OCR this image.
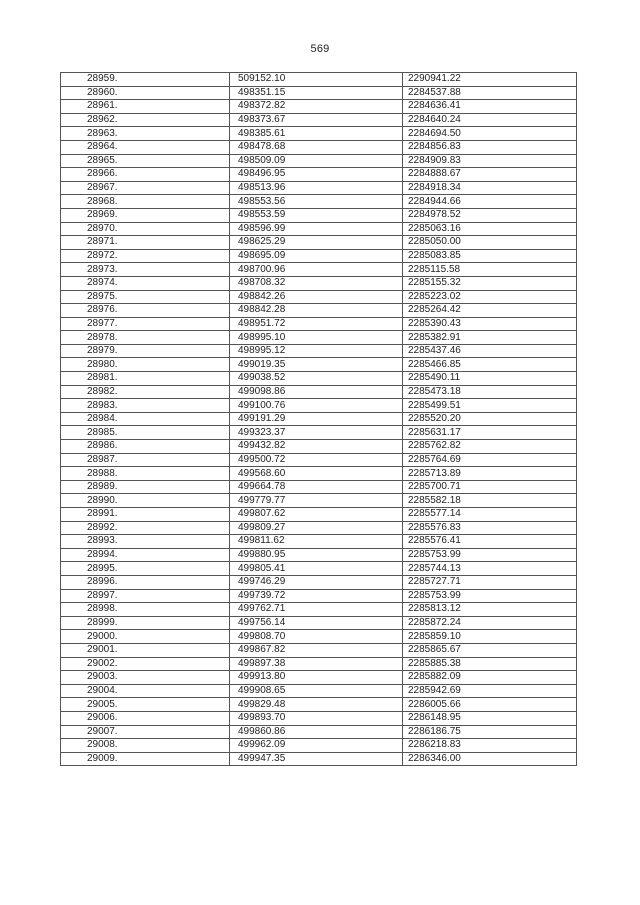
569
28959.	509152.10	2290941.22
28960.	498351.15	2284537.88
28961.	498372.82	2284636.41
28962.	498373.67	2284640.24
28963.	498385.61	2284694.50
28964.	498478.68	2284856.83
28965.	498509.09	2284909.83
28966.	498496.95	2284888.67
28967.	498513.96	2284918.34
28968.	498553.56	2284944.66
28969.	498553.59	2284978.52
28970.	498596.99	2285063.16
28971.	498625.29	2285050.00
28972.	498695.09	2285083.85
28973.	498700.96	2285115.58
28974.	498708.32	2285155.32
28975.	498842.26	2285223.02
28976.	498842.28	2285264.42
28977.	498951.72	2285390.43
28978.	498995.10	2285382.91
28979.	498995.12	2285437.46
28980.	499019.35	2285466.85
28981.	499038.52	2285490.11
28982.	499098.86	2285473.18
28983.	499100.76	2285499.51
28984.	499191.29	2285520.20
28985.	499323.37	2285631.17
28986.	499432.82	2285762.82
28987.	499500.72	2285764.69
28988.	499568.60	2285713.89
28989.	499664.78	2285700.71
28990.	499779.77	2285582.18
28991.	499807.62	2285577.14
28992.	499809.27	2285576.83
28993.	499811.62	2285576.41
28994.	499880.95	2285753.99
28995.	499805.41	2285744.13
28996.	499746.29	2285727.71
28997.	499739.72	2285753.99
28998.	499762.71	2285813.12
28999.	499756.14	2285872.24
29000.	499808.70	2285859.10
29001.	499867.82	2285865.67
29002.	499897.38	2285885.38
29003.	499913.80	2285882.09
29004.	499908.65	2285942.69
29005.	499829.48	2286005.66
29006.	499893.70	2286148.95
29007.	499860.86	2286186.75
29008.	499962.09	2286218.83
29009.	499947.35	2286346.00
